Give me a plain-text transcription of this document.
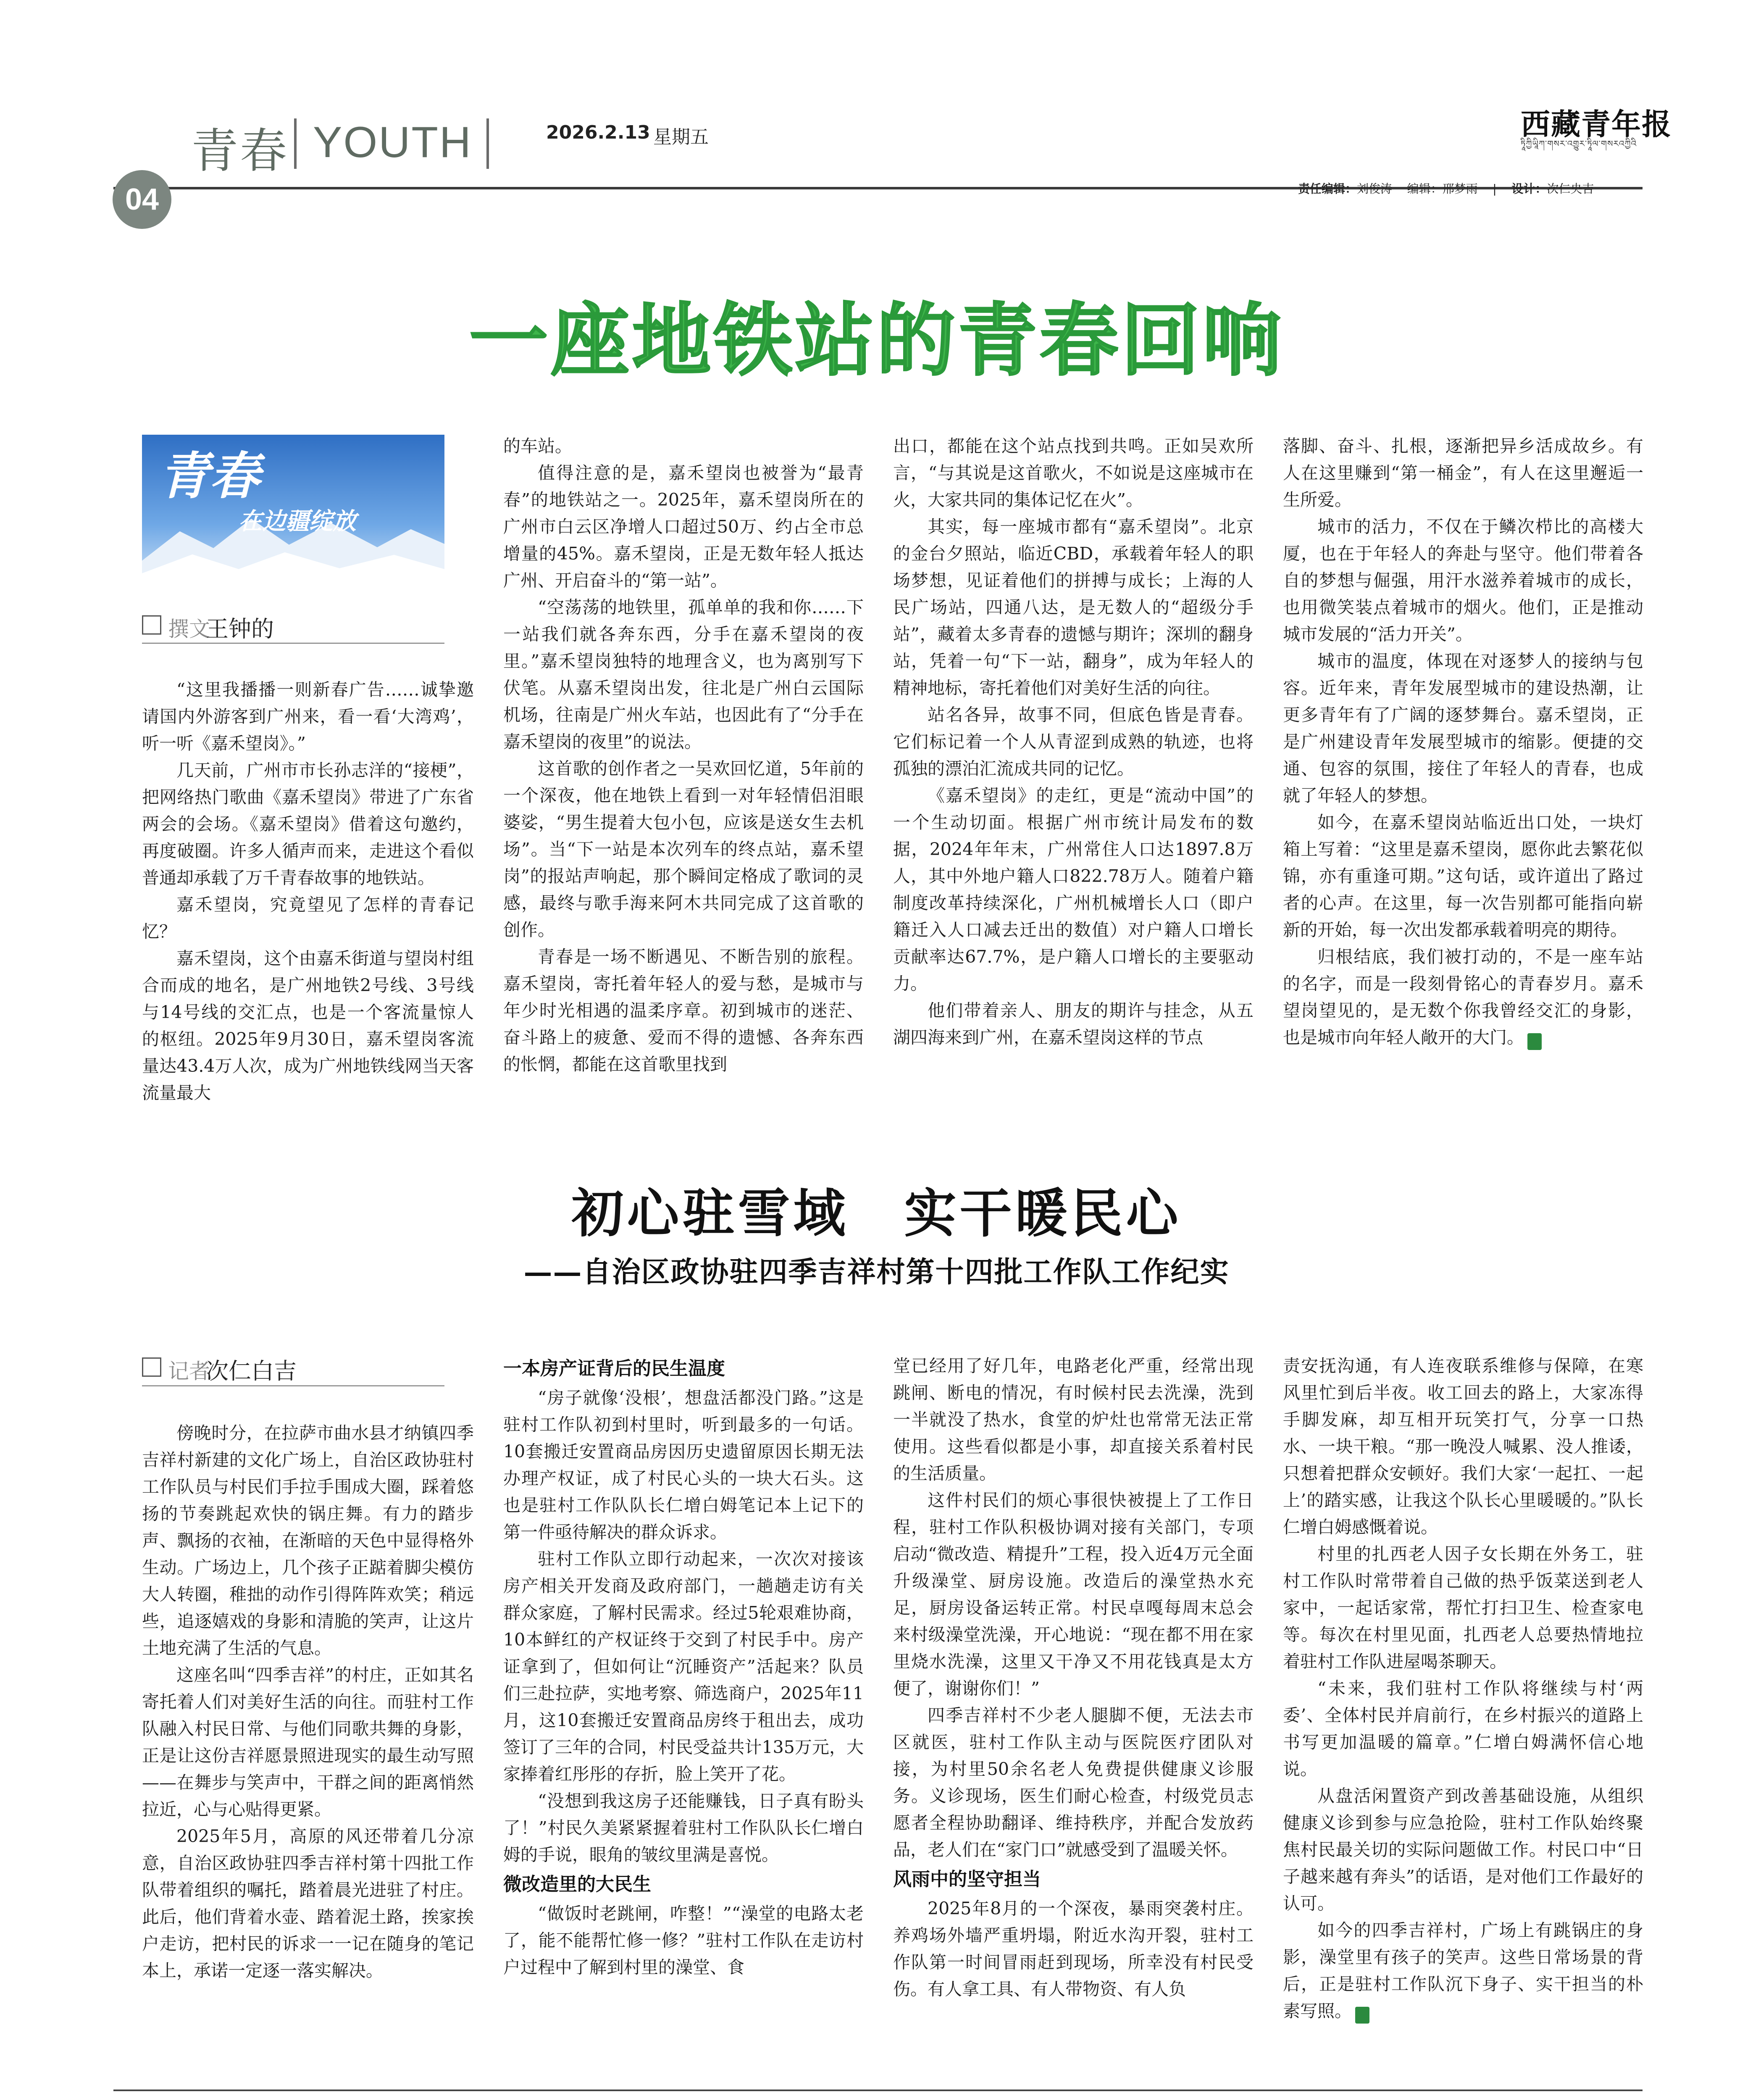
青春 YOUTH	2026.2.13 星期五	西藏青年报
ཏཱིཀྱིཡཱིཀ་གསར་འགྱུར་ཏཱིལ་གསརའཀྱིའི
04	责任编辑：刘俊涛 编辑：邢梦雨 | 设计：次仁央吉
一座地铁站的青春回响
青春
在边疆绽放
撰文
王钟的

“这里我播播一则新春广告……诚挚邀请国内外游客到广州来，看一看‘大湾鸡’，听一听《嘉禾望岗》。”

几天前，广州市市长孙志洋的“接梗”，把网络热门歌曲《嘉禾望岗》带进了广东省两会的会场。《嘉禾望岗》借着这句邀约，再度破圈。许多人循声而来，走进这个看似普通却承载了万千青春故事的地铁站。

嘉禾望岗，究竟望见了怎样的青春记忆？

嘉禾望岗，这个由嘉禾街道与望岗村组合而成的地名，是广州地铁2号线、3号线与14号线的交汇点，也是一个客流量惊人的枢纽。2025年9月30日，嘉禾望岗客流量达43.4万人次，成为广州地铁线网当天客流量最大

的车站。

值得注意的是，嘉禾望岗也被誉为“最青春”的地铁站之一。2025年，嘉禾望岗所在的广州市白云区净增人口超过50万、约占全市总增量的45%。嘉禾望岗，正是无数年轻人抵达广州、开启奋斗的“第一站”。

“空荡荡的地铁里，孤单单的我和你……下一站我们就各奔东西，分手在嘉禾望岗的夜里。”嘉禾望岗独特的地理含义，也为离别写下伏笔。从嘉禾望岗出发，往北是广州白云国际机场，往南是广州火车站，也因此有了“分手在嘉禾望岗的夜里”的说法。

这首歌的创作者之一吴欢回忆道，5年前的一个深夜，他在地铁上看到一对年轻情侣泪眼婆娑，“男生提着大包小包，应该是送女生去机场”。当“下一站是本次列车的终点站，嘉禾望岗”的报站声响起，那个瞬间定格成了歌词的灵感，最终与歌手海来阿木共同完成了这首歌的创作。

青春是一场不断遇见、不断告别的旅程。嘉禾望岗，寄托着年轻人的爱与愁，是城市与年少时光相遇的温柔序章。初到城市的迷茫、奋斗路上的疲惫、爱而不得的遗憾、各奔东西的怅惘，都能在这首歌里找到

出口，都能在这个站点找到共鸣。正如吴欢所言，“与其说是这首歌火，不如说是这座城市在火，大家共同的集体记忆在火”。

其实，每一座城市都有“嘉禾望岗”。北京的金台夕照站，临近CBD，承载着年轻人的职场梦想，见证着他们的拼搏与成长；上海的人民广场站，四通八达，是无数人的“超级分手站”，藏着太多青春的遗憾与期许；深圳的翻身站，凭着一句“下一站，翻身”，成为年轻人的精神地标，寄托着他们对美好生活的向往。

站名各异，故事不同，但底色皆是青春。它们标记着一个人从青涩到成熟的轨迹，也将孤独的漂泊汇流成共同的记忆。

《嘉禾望岗》的走红，更是“流动中国”的一个生动切面。根据广州市统计局发布的数据，2024年年末，广州常住人口达1897.8万人，其中外地户籍人口822.78万人。随着户籍制度改革持续深化，广州机械增长人口（即户籍迁入人口减去迁出的数值）对户籍人口增长贡献率达67.7%，是户籍人口增长的主要驱动力。

他们带着亲人、朋友的期许与挂念，从五湖四海来到广州，在嘉禾望岗这样的节点

落脚、奋斗、扎根，逐渐把异乡活成故乡。有人在这里赚到“第一桶金”，有人在这里邂逅一生所爱。

城市的活力，不仅在于鳞次栉比的高楼大厦，也在于年轻人的奔赴与坚守。他们带着各自的梦想与倔强，用汗水滋养着城市的成长，也用微笑装点着城市的烟火。他们，正是推动城市发展的“活力开关”。

城市的温度，体现在对逐梦人的接纳与包容。近年来，青年发展型城市的建设热潮，让更多青年有了广阔的逐梦舞台。嘉禾望岗，正是广州建设青年发展型城市的缩影。便捷的交通、包容的氛围，接住了年轻人的青春，也成就了年轻人的梦想。

如今，在嘉禾望岗站临近出口处，一块灯箱上写着：“这里是嘉禾望岗，愿你此去繁花似锦，亦有重逢可期。”这句话，或许道出了路过者的心声。在这里，每一次告别都可能指向崭新的开始，每一次出发都承载着明亮的期待。

归根结底，我们被打动的，不是一座车站的名字，而是一段刻骨铭心的青春岁月。嘉禾望岗望见的，是无数个你我曾经交汇的身影，也是城市向年轻人敞开的大门。	青

初心驻雪域　实干暖民心
——自治区政协驻四季吉祥村第十四批工作队工作纪实
记者
次仁白吉

傍晚时分，在拉萨市曲水县才纳镇四季吉祥村新建的文化广场上，自治区政协驻村工作队员与村民们手拉手围成大圈，踩着悠扬的节奏跳起欢快的锅庄舞。有力的踏步声、飘扬的衣袖，在渐暗的天色中显得格外生动。广场边上，几个孩子正踮着脚尖模仿大人转圈，稚拙的动作引得阵阵欢笑；稍远些，追逐嬉戏的身影和清脆的笑声，让这片土地充满了生活的气息。

这座名叫“四季吉祥”的村庄，正如其名寄托着人们对美好生活的向往。而驻村工作队融入村民日常、与他们同歌共舞的身影，正是让这份吉祥愿景照进现实的最生动写照——在舞步与笑声中，干群之间的距离悄然拉近，心与心贴得更紧。

2025年5月，高原的风还带着几分凉意，自治区政协驻四季吉祥村第十四批工作队带着组织的嘱托，踏着晨光进驻了村庄。此后，他们背着水壶、踏着泥土路，挨家挨户走访，把村民的诉求一一记在随身的笔记本上，承诺一定逐一落实解决。

一本房产证背后的民生温度

“房子就像‘没根’，想盘活都没门路。”这是驻村工作队初到村里时，听到最多的一句话。10套搬迁安置商品房因历史遗留原因长期无法办理产权证，成了村民心头的一块大石头。这也是驻村工作队队长仁增白姆笔记本上记下的第一件亟待解决的群众诉求。

驻村工作队立即行动起来，一次次对接该房产相关开发商及政府部门，一趟趟走访有关群众家庭，了解村民需求。经过5轮艰难协商，10本鲜红的产权证终于交到了村民手中。房产证拿到了，但如何让“沉睡资产”活起来？队员们三赴拉萨，实地考察、筛选商户，2025年11月，这10套搬迁安置商品房终于租出去，成功签订了三年的合同，村民受益共计135万元，大家捧着红彤彤的存折，脸上笑开了花。

“没想到我这房子还能赚钱，日子真有盼头了！”村民久美紧紧握着驻村工作队队长仁增白姆的手说，眼角的皱纹里满是喜悦。

微改造里的大民生

“做饭时老跳闸，咋整！”“澡堂的电路太老了，能不能帮忙修一修？”驻村工作队在走访村户过程中了解到村里的澡堂、食

堂已经用了好几年，电路老化严重，经常出现跳闸、断电的情况，有时候村民去洗澡，洗到一半就没了热水，食堂的炉灶也常常无法正常使用。这些看似都是小事，却直接关系着村民的生活质量。

这件村民们的烦心事很快被提上了工作日程，驻村工作队积极协调对接有关部门，专项启动“微改造、精提升”工程，投入近4万元全面升级澡堂、厨房设施。改造后的澡堂热水充足，厨房设备运转正常。村民卓嘎每周末总会来村级澡堂洗澡，开心地说：“现在都不用在家里烧水洗澡，这里又干净又不用花钱真是太方便了，谢谢你们！”

四季吉祥村不少老人腿脚不便，无法去市区就医，驻村工作队主动与医院医疗团队对接，为村里50余名老人免费提供健康义诊服务。义诊现场，医生们耐心检查，村级党员志愿者全程协助翻译、维持秩序，并配合发放药品，老人们在“家门口”就感受到了温暖关怀。

风雨中的坚守担当

2025年8月的一个深夜，暴雨突袭村庄。养鸡场外墙严重坍塌，附近水沟开裂，驻村工作队第一时间冒雨赶到现场，所幸没有村民受伤。有人拿工具、有人带物资、有人负

责安抚沟通，有人连夜联系维修与保障，在寒风里忙到后半夜。收工回去的路上，大家冻得手脚发麻，却互相开玩笑打气，分享一口热水、一块干粮。“那一晚没人喊累、没人推诿，只想着把群众安顿好。我们大家‘一起扛、一起上’的踏实感，让我这个队长心里暖暖的。”队长仁增白姆感慨着说。

村里的扎西老人因子女长期在外务工，驻村工作队时常带着自己做的热乎饭菜送到老人家中，一起话家常，帮忙打扫卫生、检查家电等。每次在村里见面，扎西老人总要热情地拉着驻村工作队进屋喝茶聊天。

“未来，我们驻村工作队将继续与村‘两委’、全体村民并肩前行，在乡村振兴的道路上书写更加温暖的篇章。”仁增白姆满怀信心地说。

从盘活闲置资产到改善基础设施，从组织健康义诊到参与应急抢险，驻村工作队始终聚焦村民最关切的实际问题做工作。村民口中“日子越来越有奔头”的话语，是对他们工作最好的认可。

如今的四季吉祥村，广场上有跳锅庄的身影，澡堂里有孩子的笑声。这些日常场景的背后，正是驻村工作队沉下身子、实干担当的朴素写照。	青
